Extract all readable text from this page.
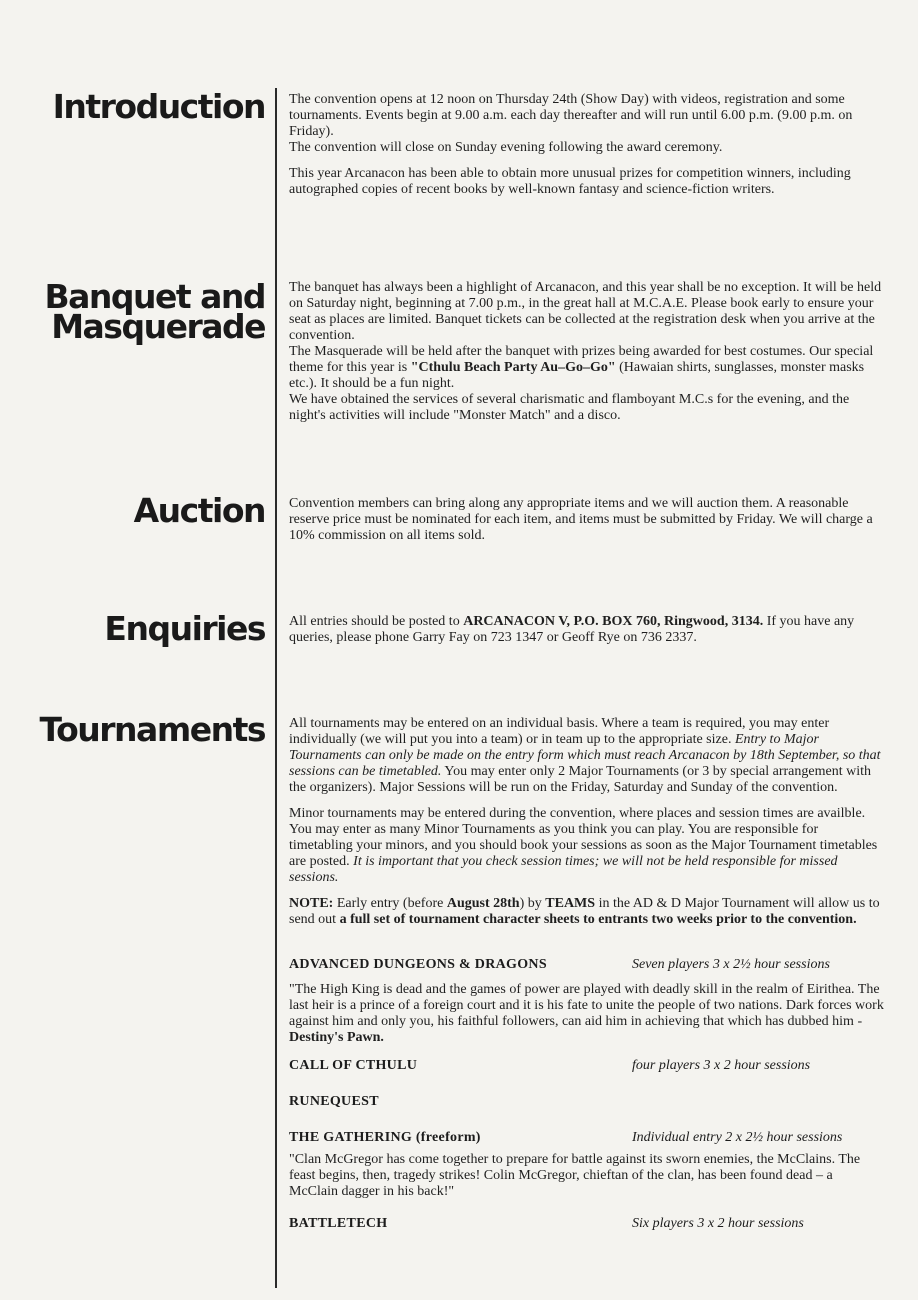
Introduction The convention opens at 12 noon on Thursday 24th (Show Day) with videos, registration and some tournaments. Events begin at 9.00 a.m. each day thereafter and will run until 6.00 p.m. (9.00 p.m. on Friday).

The convention will close on Sunday evening following the award ceremony.

This year Arcanacon has been able to obtain more unusual prizes for competition winners, including autographed copies of recent books by well-known fantasy and science-fiction writers.

Banquet and
Masquerade

The banquet has always been a highlight of Arcanacon, and this year shall be no exception. It will be held on Saturday night, beginning at 7.00 p.m., in the great hall at M.C.A.E. Please book early to ensure your seat as places are limited. Banquet tickets can be collected at the registration desk when you arrive at the convention.

The Masquerade will be held after the banquet with prizes being awarded for best costumes. Our special theme for this year is "Cthulu Beach Party Au–Go–Go" (Hawaian shirts, sunglasses, monster masks etc.). It should be a fun night.

We have obtained the services of several charismatic and flamboyant M.C.s for the evening, and the night's activities will include "Monster Match" and a disco.

Auction Convention members can bring along any appropriate items and we will auction them. A reasonable reserve price must be nominated for each item, and items must be submitted by Friday. We will charge a 10% commission on all items sold.

Enquiries All entries should be posted to ARCANACON V, P.O. BOX 760, Ringwood, 3134. If you have any queries, please phone Garry Fay on 723 1347 or Geoff Rye on 736 2337.

Tournaments All tournaments may be entered on an individual basis. Where a team is required, you may enter individually (we will put you into a team) or in team up to the appropriate size. Entry to Major Tournaments can only be made on the entry form which must reach Arcanacon by 18th September, so that sessions can be timetabled. You may enter only 2 Major Tournaments (or 3 by special arrangement with the organizers). Major Sessions will be run on the Friday, Saturday and Sunday of the convention.

Minor tournaments may be entered during the convention, where places and session times are availble. You may enter as many Minor Tournaments as you think you can play. You are responsible for timetabling your minors, and you should book your sessions as soon as the Major Tournament timetables are posted. It is important that you check session times; we will not be held responsible for missed sessions.

NOTE: Early entry (before August 28th) by TEAMS in the AD & D Major Tournament will allow us to send out a full set of tournament character sheets to entrants two weeks prior to the convention.

ADVANCED DUNGEONS & DRAGONS	Seven players 3 x 2½ hour sessions

"The High King is dead and the games of power are played with deadly skill in the realm of Eirithea. The last heir is a prince of a foreign court and it is his fate to unite the people of two nations. Dark forces work against him and only you, his faithful followers, can aid him in achieving that which has dubbed him - Destiny's Pawn.

CALL OF CTHULU	four players 3 x 2 hour sessions
RUNEQUEST
THE GATHERING (freeform)	Individual entry 2 x 2½ hour sessions

"Clan McGregor has come together to prepare for battle against its sworn enemies, the McClains. The feast begins, then, tragedy strikes! Colin McGregor, chieftan of the clan, has been found dead – a McClain dagger in his back!"

BATTLETECH	Six players 3 x 2 hour sessions
